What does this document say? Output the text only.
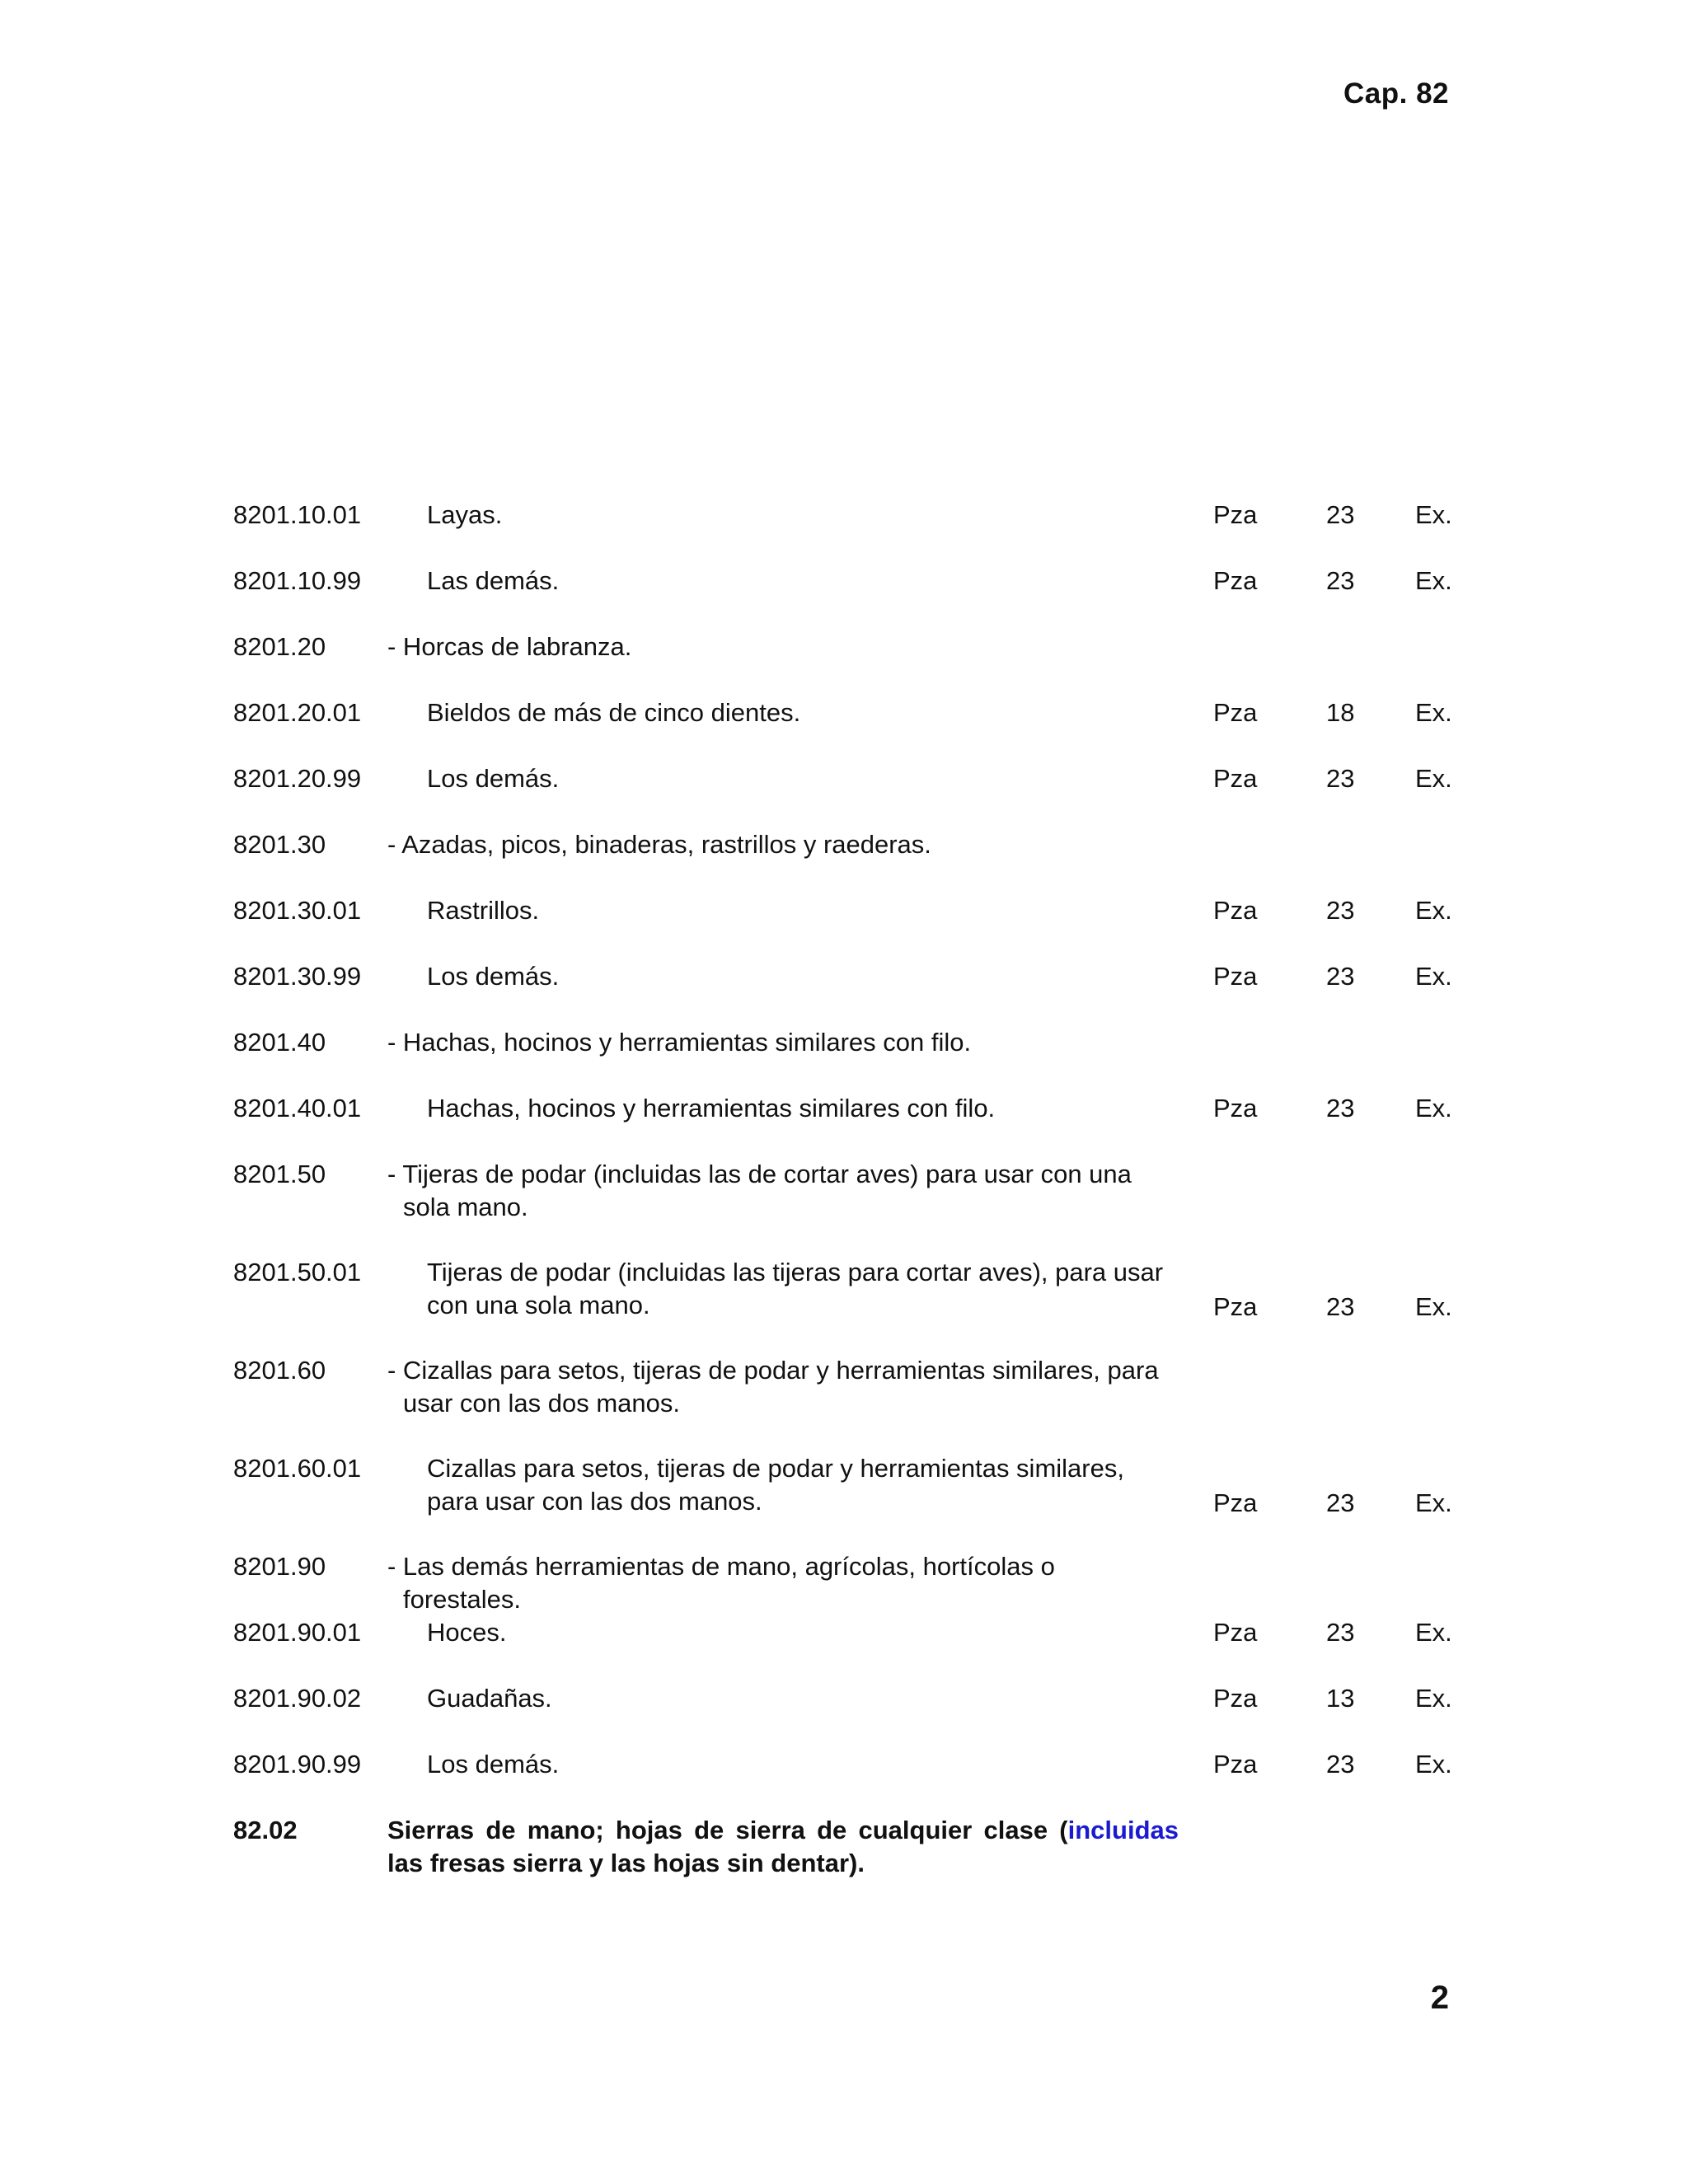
Cap. 82
8201.10.01	Layas.	Pza	23 Ex.
8201.10.99	Las demás.	Pza	23 Ex.
8201.20 - Horcas de labranza.
8201.20.01	Bieldos de más de cinco dientes.	Pza	18 Ex.
8201.20.99	Los demás.	Pza	23 Ex.
8201.30 - Azadas, picos, binaderas, rastrillos y raederas.
8201.30.01	Rastrillos.	Pza	23 Ex.
8201.30.99	Los demás.	Pza	23 Ex.
8201.40 - Hachas, hocinos y herramientas similares con filo.
8201.40.01	Hachas, hocinos y herramientas similares con filo.	Pza	23 Ex.
8201.50 - Tijeras de podar (incluidas las de cortar aves) para usar con una sola mano.
8201.50.01	Tijeras de podar (incluidas las tijeras para cortar aves), para usar con una sola mano.	Pza	23 Ex.
8201.60 - Cizallas para setos, tijeras de podar y herramientas similares, para usar con las dos manos.
8201.60.01	Cizallas para setos, tijeras de podar y herramientas similares, para usar con las dos manos.	Pza	23 Ex.
8201.90 - Las demás herramientas de mano, agrícolas, hortícolas o forestales.
8201.90.01	Hoces.	Pza	23 Ex.
8201.90.02	Guadañas.	Pza	13 Ex.
8201.90.99	Los demás.	Pza	23 Ex.
82.02	Sierras de mano; hojas de sierra de cualquier clase (incluidas las fresas sierra y las hojas sin dentar).
2
